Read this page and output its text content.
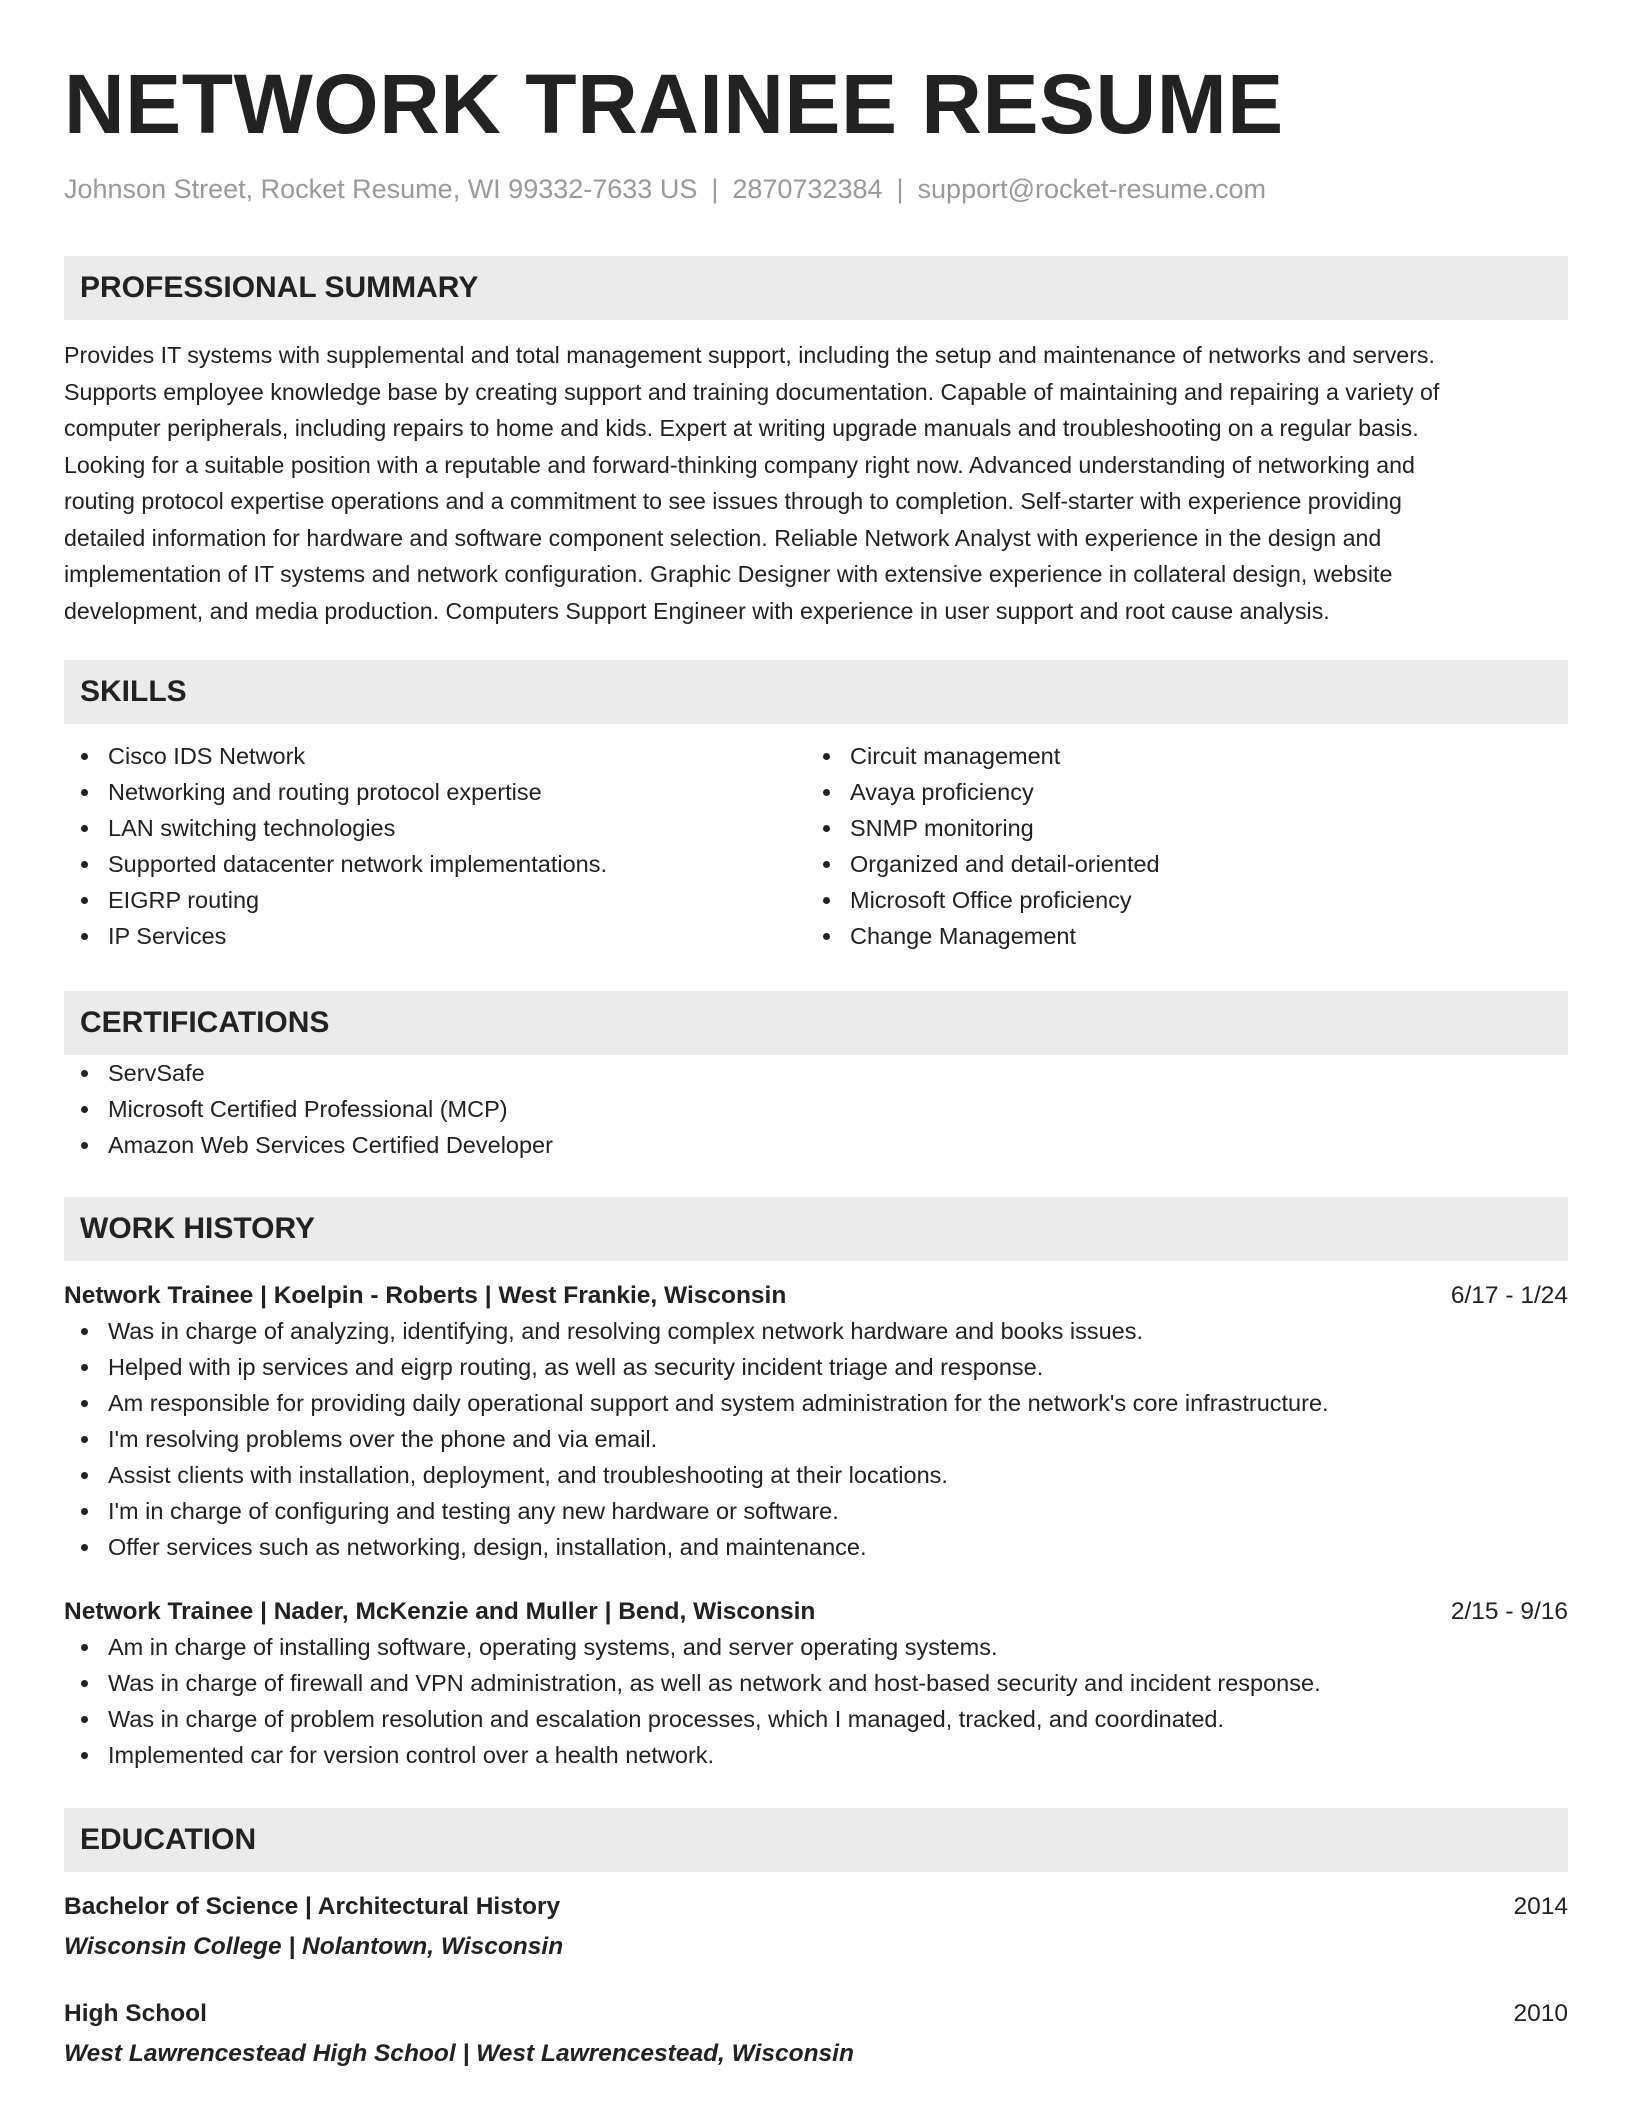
NETWORK TRAINEE RESUME
Johnson Street, Rocket Resume, WI 99332-7633 US | 2870732384 | support@rocket-resume.com
PROFESSIONAL SUMMARY
Provides IT systems with supplemental and total management support, including the setup and maintenance of networks and servers.
Supports employee knowledge base by creating support and training documentation. Capable of maintaining and repairing a variety of
computer peripherals, including repairs to home and kids. Expert at writing upgrade manuals and troubleshooting on a regular basis.
Looking for a suitable position with a reputable and forward-thinking company right now. Advanced understanding of networking and
routing protocol expertise operations and a commitment to see issues through to completion. Self-starter with experience providing
detailed information for hardware and software component selection. Reliable Network Analyst with experience in the design and
implementation of IT systems and network configuration. Graphic Designer with extensive experience in collateral design, website
development, and media production. Computers Support Engineer with experience in user support and root cause analysis.
SKILLS
Cisco IDS Network
Networking and routing protocol expertise
LAN switching technologies
Supported datacenter network implementations.
EIGRP routing
IP Services
Circuit management
Avaya proficiency
SNMP monitoring
Organized and detail-oriented
Microsoft Office proficiency
Change Management
CERTIFICATIONS
ServSafe
Microsoft Certified Professional (MCP)
Amazon Web Services Certified Developer
WORK HISTORY
Network Trainee | Koelpin - Roberts | West Frankie, Wisconsin	6/17 - 1/24
Was in charge of analyzing, identifying, and resolving complex network hardware and books issues.
Helped with ip services and eigrp routing, as well as security incident triage and response.
Am responsible for providing daily operational support and system administration for the network's core infrastructure.
I'm resolving problems over the phone and via email.
Assist clients with installation, deployment, and troubleshooting at their locations.
I'm in charge of configuring and testing any new hardware or software.
Offer services such as networking, design, installation, and maintenance.
Network Trainee | Nader, McKenzie and Muller | Bend, Wisconsin	2/15 - 9/16
Am in charge of installing software, operating systems, and server operating systems.
Was in charge of firewall and VPN administration, as well as network and host-based security and incident response.
Was in charge of problem resolution and escalation processes, which I managed, tracked, and coordinated.
Implemented car for version control over a health network.
EDUCATION
Bachelor of Science | Architectural History	2014
Wisconsin College | Nolantown, Wisconsin
High School	2010
West Lawrencestead High School | West Lawrencestead, Wisconsin
